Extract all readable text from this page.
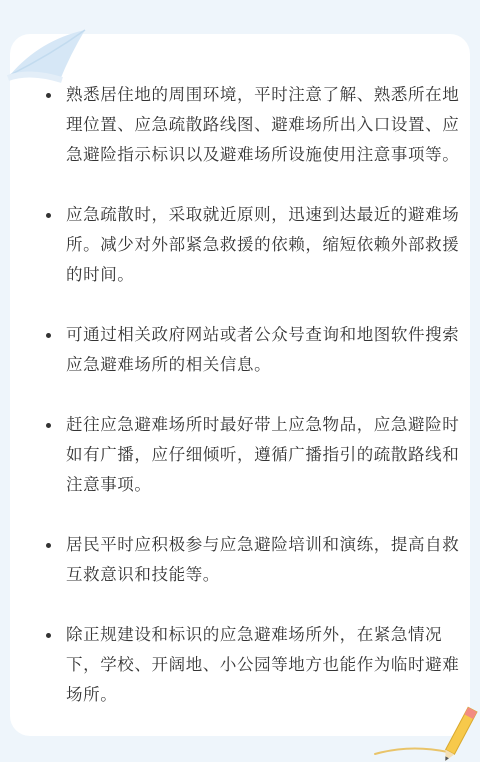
熟悉居住地的周围环境，平时注意了解、熟悉所在地理位置、应急疏散路线图、避难场所出入口设置、应急避险指示标识以及避难场所设施使用注意事项等。
应急疏散时，采取就近原则，迅速到达最近的避难场所。减少对外部紧急救援的依赖，缩短依赖外部救援的时间。
可通过相关政府网站或者公众号查询和地图软件搜索应急避难场所的相关信息。
赶往应急避难场所时最好带上应急物品，应急避险时如有广播，应仔细倾听，遵循广播指引的疏散路线和注意事项。
居民平时应积极参与应急避险培训和演练，提高自救互救意识和技能等。
除正规建设和标识的应急避难场所外，在紧急情况下，学校、开阔地、小公园等地方也能作为临时避难场所。
